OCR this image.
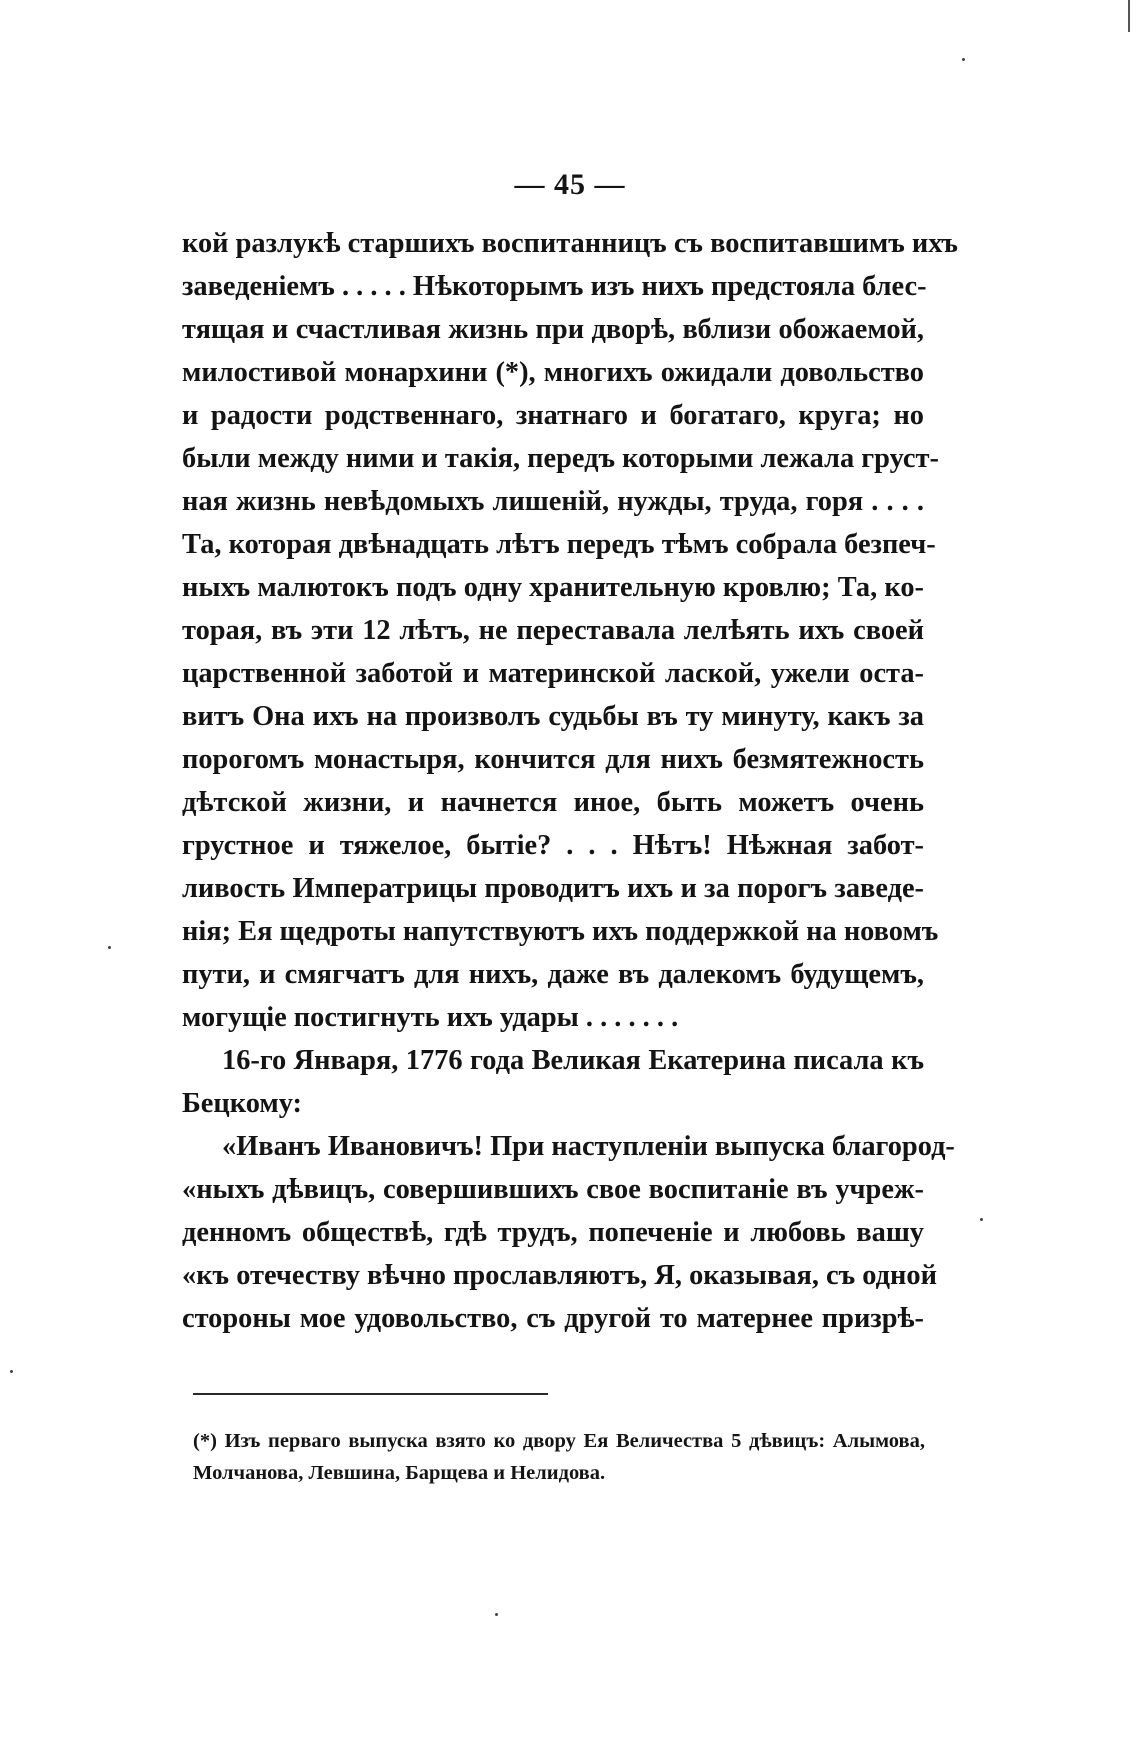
— 45 —
кой разлукѣ старшихъ воспитанницъ съ воспитавшимъ ихъ
заведеніемъ . . . . . Нѣкоторымъ изъ нихъ предстояла блес-
тящая и счастливая жизнь при дворѣ, вблизи обожаемой,
милостивой монархини (*), многихъ ожидали довольство
и радости родственнаго, знатнаго и богатаго, круга; но
были между ними и такія, передъ которыми лежала груст-
ная жизнь невѣдомыхъ лишеній, нужды, труда, горя . . . .
Та, которая двѣнадцать лѣтъ передъ тѣмъ собрала безпеч-
ныхъ малютокъ подъ одну хранительную кровлю; Та, ко-
торая, въ эти 12 лѣтъ, не переставала лелѣять ихъ своей
царственной заботой и материнской лаской, ужели оста-
витъ Она ихъ на произволъ судьбы въ ту минуту, какъ за
порогомъ монастыря, кончится для нихъ безмятежность
дѣтской жизни, и начнется иное, быть можетъ очень
грустное и тяжелое, бытіе? . . . Нѣтъ! Нѣжная забот-
ливость Императрицы проводитъ ихъ и за порогъ заведе-
нія; Ея щедроты напутствуютъ ихъ поддержкой на новомъ
пути, и смягчатъ для нихъ, даже въ далекомъ будущемъ,
могущіе постигнуть ихъ удары . . . . . . .
16-го Января, 1776 года Великая Екатерина писала къ
Бецкому:
«Иванъ Ивановичъ! При наступленіи выпуска благород-
«ныхъ дѣвицъ, совершившихъ свое воспитаніе въ учреж-
денномъ обществѣ, гдѣ трудъ, попеченіе и любовь вашу
«къ отечеству вѣчно прославляютъ, Я, оказывая, съ одной
стороны мое удовольство, съ другой то матернее призрѣ-
(*) Изъ перваго выпуска взято ко двору Ея Величества 5 дѣвицъ: Алымова,
Молчанова, Левшина, Барщева и Нелидова.
